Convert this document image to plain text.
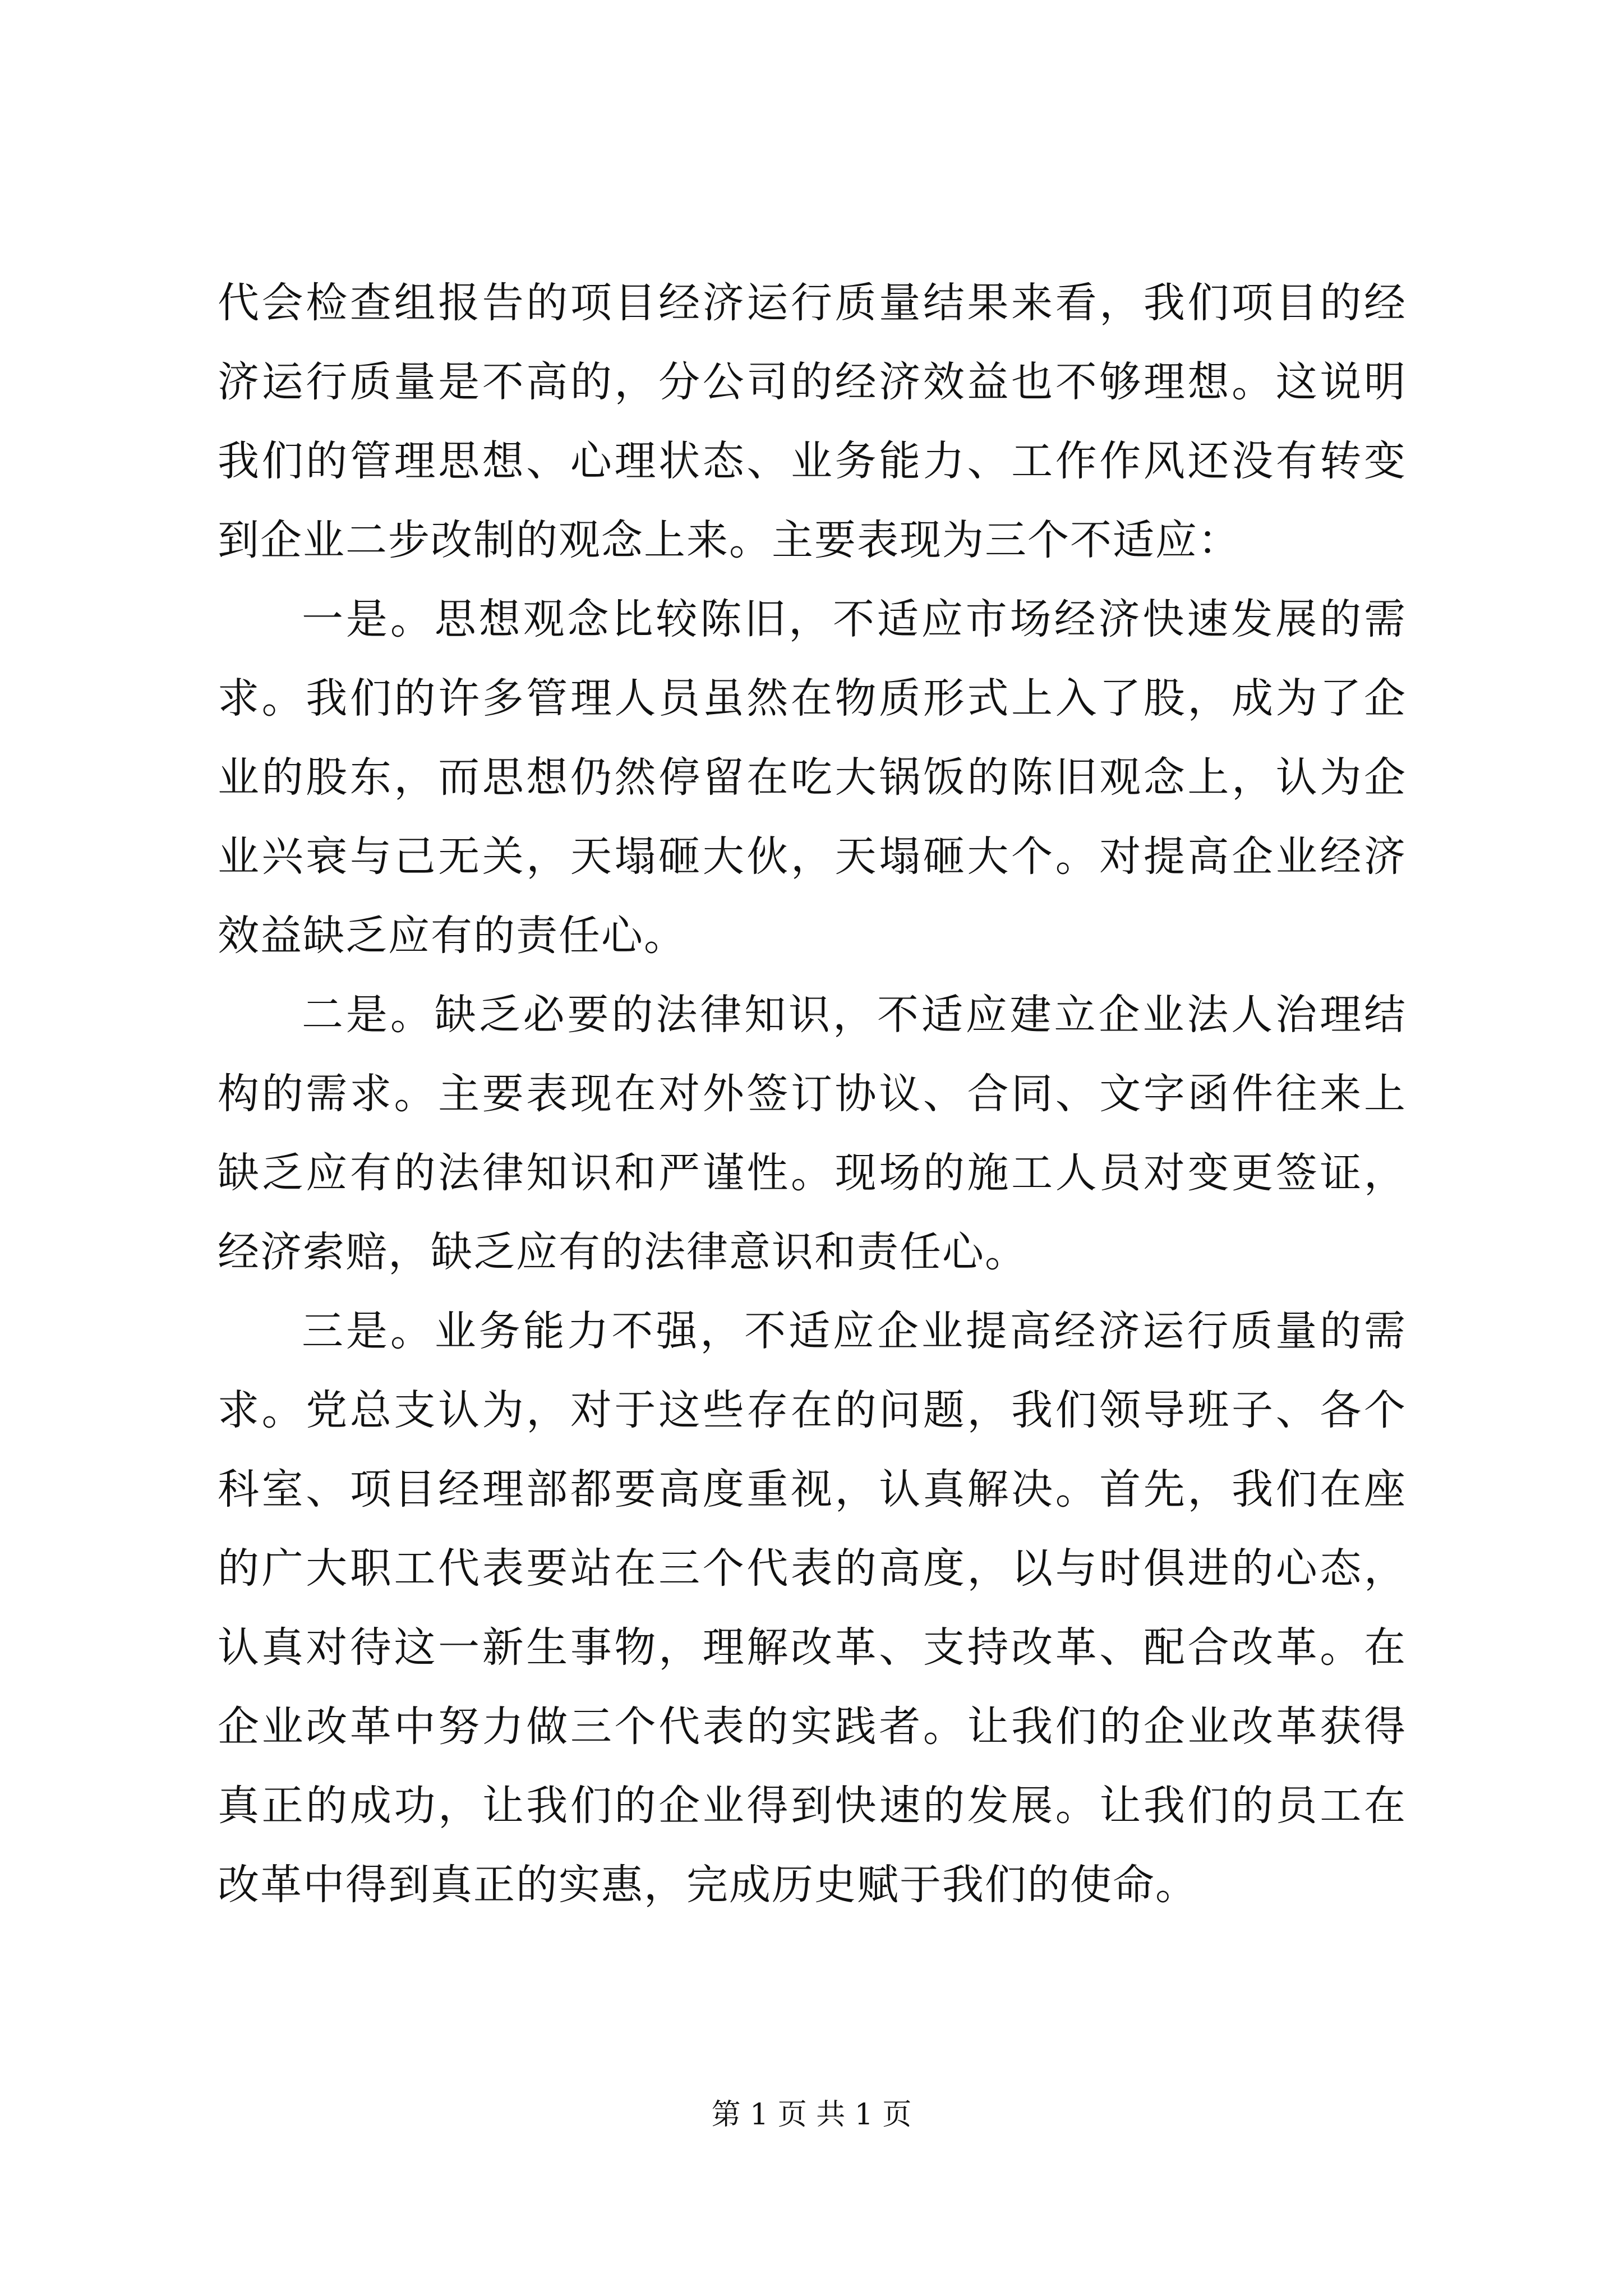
代会检查组报告的项目经济运行质量结果来看，我们项目的经济运行质量是不高的，分公司的经济效益也不够理想。这说明我们的管理思想、心理状态、业务能力、工作作风还没有转变到企业二步改制的观念上来。主要表现为三个不适应：

一是。思想观念比较陈旧，不适应市场经济快速发展的需求。我们的许多管理人员虽然在物质形式上入了股，成为了企业的股东，而思想仍然停留在吃大锅饭的陈旧观念上，认为企业兴衰与己无关，天塌砸大伙，天塌砸大个。对提高企业经济效益缺乏应有的责任心。

二是。缺乏必要的法律知识，不适应建立企业法人治理结构的需求。主要表现在对外签订协议、合同、文字函件往来上缺乏应有的法律知识和严谨性。现场的施工人员对变更签证，经济索赔，缺乏应有的法律意识和责任心。

三是。业务能力不强，不适应企业提高经济运行质量的需求。党总支认为，对于这些存在的问题，我们领导班子、各个科室、项目经理部都要高度重视，认真解决。首先，我们在座的广大职工代表要站在三个代表的高度，以与时俱进的心态，认真对待这一新生事物，理解改革、支持改革、配合改革。在企业改革中努力做三个代表的实践者。让我们的企业改革获得真正的成功，让我们的企业得到快速的发展。让我们的员工在改革中得到真正的实惠，完成历史赋于我们的使命。

第 1 页 共 1 页
